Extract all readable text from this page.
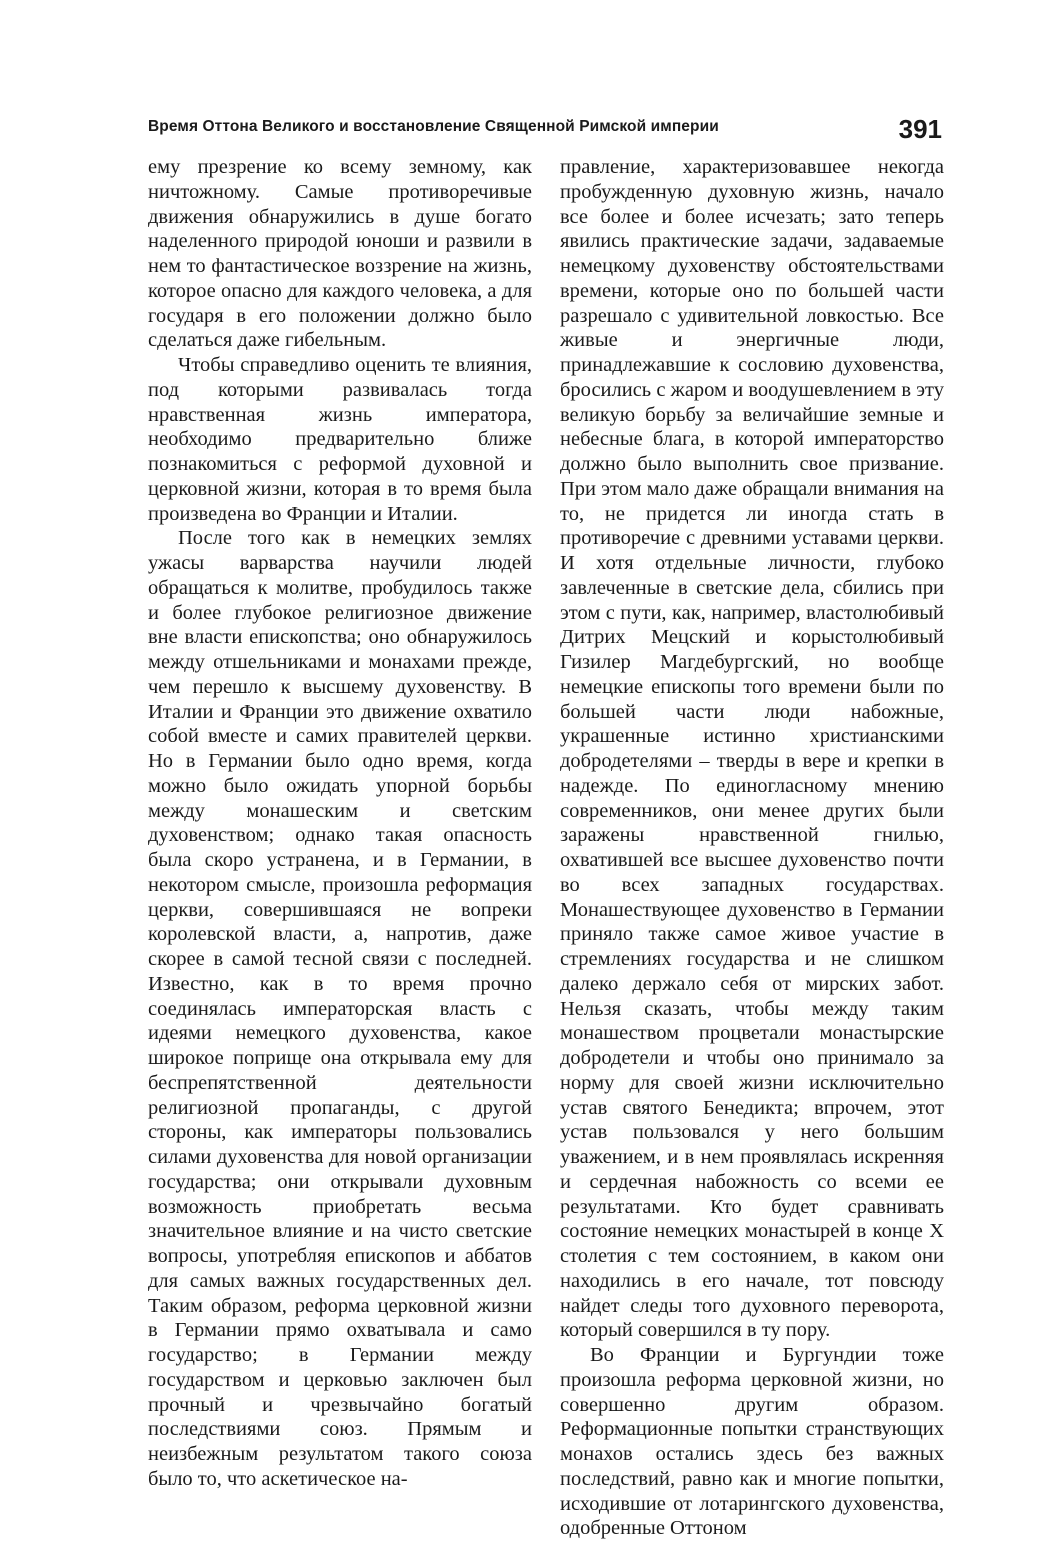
Время Оттона Великого и восстановление Священной Римской империи	391

ему презрение ко всему земному, как ничтожному. Самые противоречивые движения обнаружились в душе богато наделенного природой юноши и развили в нем то фантастическое воззрение на жизнь, которое опасно для каждого человека, а для государя в его положении должно было сделаться даже гибельным.

Чтобы справедливо оценить те влияния, под которыми развивалась тогда нравственная жизнь императора, необходимо предварительно ближе познакомиться с реформой духовной и церковной жизни, которая в то время была произведена во Франции и Италии.

После того как в немецких землях ужасы варварства научили людей обращаться к молитве, пробудилось также и более глубокое религиозное движение вне власти епископства; оно обнаружилось между отшельниками и монахами прежде, чем перешло к высшему духовенству. В Италии и Франции это движение охватило собой вместе и самих правителей церкви. Но в Германии было одно время, когда можно было ожидать упорной борьбы между монашеским и светским духовенством; однако такая опасность была скоро устранена, и в Германии, в некотором смысле, произошла реформация церкви, совершившаяся не вопреки королевской власти, а, напротив, даже скорее в самой тесной связи с последней. Известно, как в то время прочно соединялась императорская власть с идеями немецкого духовенства, какое широкое поприще она открывала ему для беспрепятственной деятельности религиозной пропаганды, с другой стороны, как императоры пользовались силами духовенства для новой организации государства; они открывали духовным возможность приобретать весьма значительное влияние и на чисто светские вопросы, употребляя епископов и аббатов для самых важных государственных дел. Таким образом, реформа церковной жизни в Германии прямо охватывала и само государство; в Германии между государством и церковью заключен был прочный и чрезвычайно богатый последствиями союз. Прямым и неизбежным результатом такого союза было то, что аскетическое на-

правление, характеризовавшее некогда пробужденную духовную жизнь, начало все более и более исчезать; зато теперь явились практические задачи, задаваемые немецкому духовенству обстоятельствами времени, которые оно по большей части разрешало с удивительной ловкостью. Все живые и энергичные люди, принадлежавшие к сословию духовенства, бросились с жаром и воодушевлением в эту великую борьбу за величайшие земные и небесные блага, в которой императорство должно было выполнить свое призвание. При этом мало даже обращали внимания на то, не придется ли иногда стать в противоречие с древними уставами церкви. И хотя отдельные личности, глубоко завлеченные в светские дела, сбились при этом с пути, как, например, властолюбивый Дитрих Мецский и корыстолюбивый Гизилер Магдебургский, но вообще немецкие епископы того времени были по большей части люди набожные, украшенные истинно христианскими добродетелями – тверды в вере и крепки в надежде. По единогласному мнению современников, они менее других были заражены нравственной гнилью, охватившей все высшее духовенство почти во всех западных государствах. Монашествующее духовенство в Германии приняло также самое живое участие в стремлениях государства и не слишком далеко держало себя от мирских забот. Нельзя сказать, чтобы между таким монашеством процветали монастырские добродетели и чтобы оно принимало за норму для своей жизни исключительно устав святого Бенедикта; впрочем, этот устав пользовался у него большим уважением, и в нем проявлялась искренняя и сердечная набожность со всеми ее результатами. Кто будет сравнивать состояние немецких монастырей в конце X столетия с тем состоянием, в каком они находились в его начале, тот повсюду найдет следы того духовного переворота, который совершился в ту пору.

Во Франции и Бургундии тоже произошла реформа церковной жизни, но совершенно другим образом. Реформационные попытки странствующих монахов остались здесь без важных последствий, равно как и многие попытки, исходившие от лотарингского духовенства, одобренные Оттоном
